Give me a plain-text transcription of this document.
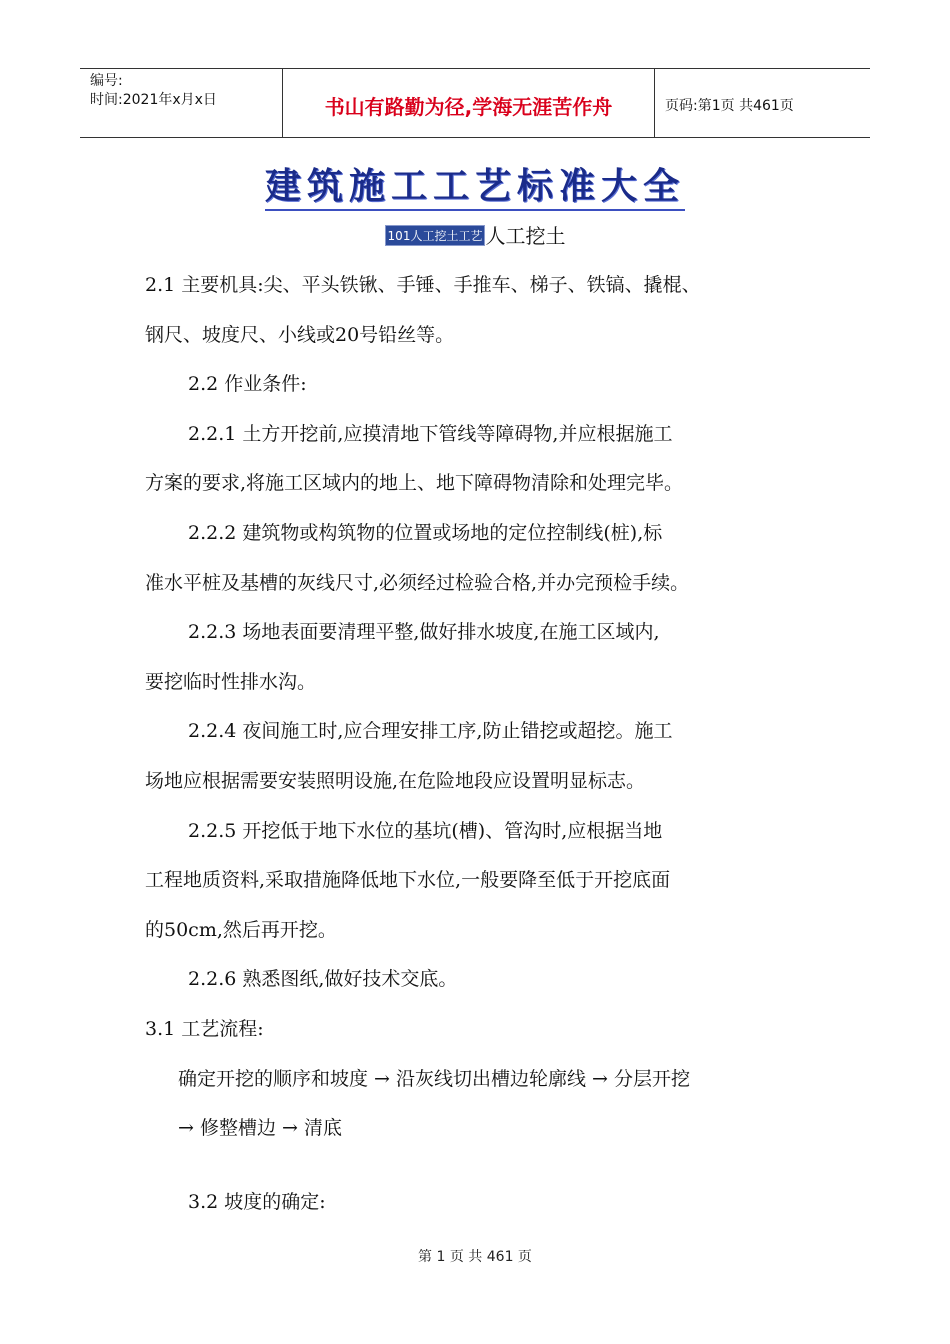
编号:
时间:2021年x月x日	书山有路勤为径,学海无涯苦作舟	页码:第1页 共461页
建筑施工工艺标准大全
101人工挖土工艺 人工挖土
2.1 主要机具:尖、平头铁锹、手锤、手推车、梯子、铁镐、撬棍、
钢尺、坡度尺、小线或20号铅丝等。
2.2 作业条件:
2.2.1 土方开挖前,应摸清地下管线等障碍物,并应根据施工
方案的要求,将施工区域内的地上、地下障碍物清除和处理完毕。
2.2.2 建筑物或构筑物的位置或场地的定位控制线(桩),标
准水平桩及基槽的灰线尺寸,必须经过检验合格,并办完预检手续。
2.2.3 场地表面要清理平整,做好排水坡度,在施工区域内,
要挖临时性排水沟。
2.2.4 夜间施工时,应合理安排工序,防止错挖或超挖。施工
场地应根据需要安装照明设施,在危险地段应设置明显标志。
2.2.5 开挖低于地下水位的基坑(槽)、管沟时,应根据当地
工程地质资料,采取措施降低地下水位,一般要降至低于开挖底面
的50cm,然后再开挖。
2.2.6 熟悉图纸,做好技术交底。
3.1 工艺流程:
确定开挖的顺序和坡度 → 沿灰线切出槽边轮廓线 → 分层开挖
→ 修整槽边 → 清底
3.2 坡度的确定:
第 1 页 共 461 页
